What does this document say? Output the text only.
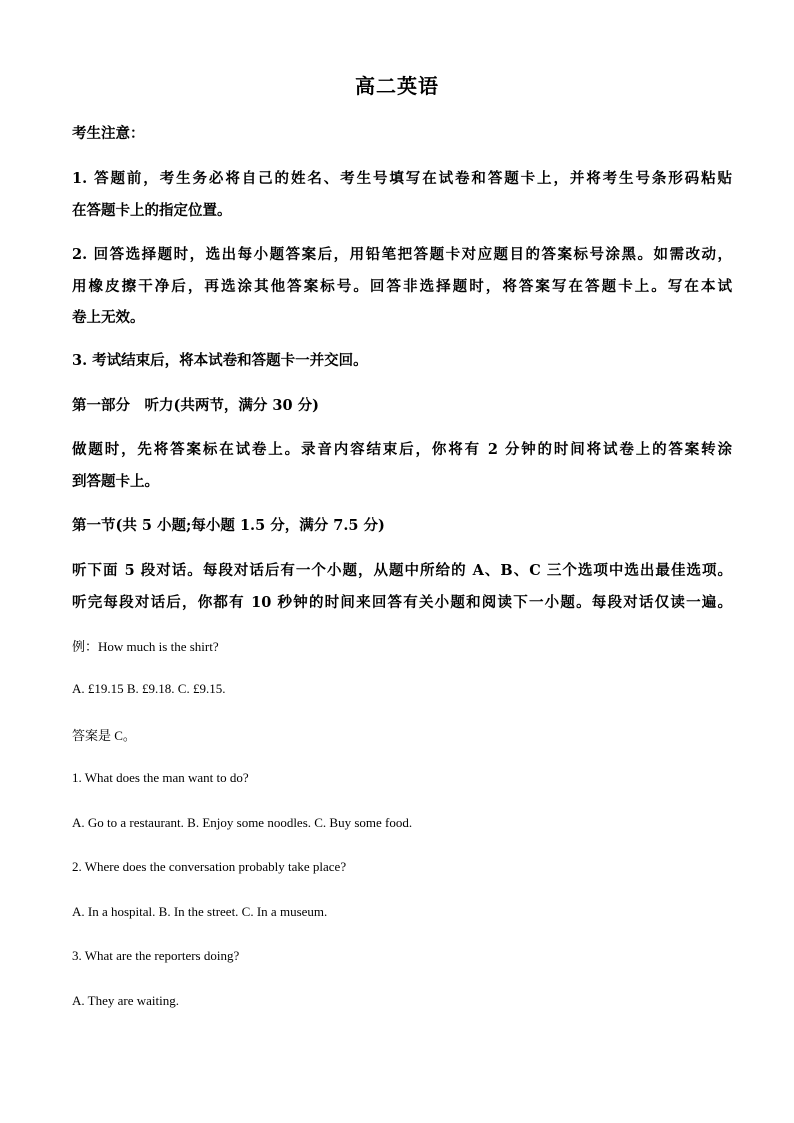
高二英语
考生注意：
1. 答题前，考生务必将自己的姓名、考生号填写在试卷和答题卡上，并将考生号条形码粘贴
在答题卡上的指定位置。
2. 回答选择题时，选出每小题答案后，用铅笔把答题卡对应题目的答案标号涂黑。如需改动，
用橡皮擦干净后，再选涂其他答案标号。回答非选择题时，将答案写在答题卡上。写在本试
卷上无效。
3. 考试结束后，将本试卷和答题卡一并交回。
第一部分　听力(共两节，满分 30 分)
做题时，先将答案标在试卷上。录音内容结束后，你将有 2 分钟的时间将试卷上的答案转涂
到答题卡上。
第一节(共 5 小题;每小题 1.5 分，满分 7.5 分)
听下面 5 段对话。每段对话后有一个小题，从题中所给的 A、B、C 三个选项中选出最佳选项。
听完每段对话后，你都有 10 秒钟的时间来回答有关小题和阅读下一小题。每段对话仅读一遍。
例：How much is the shirt?
A. £19.15 B. £9.18. C. £9.15.
答案是 C。
1. What does the man want to do?
A. Go to a restaurant. B. Enjoy some noodles. C. Buy some food.
2. Where does the conversation probably take place?
A. In a hospital. B. In the street. C. In a museum.
3. What are the reporters doing?
A. They are waiting.
